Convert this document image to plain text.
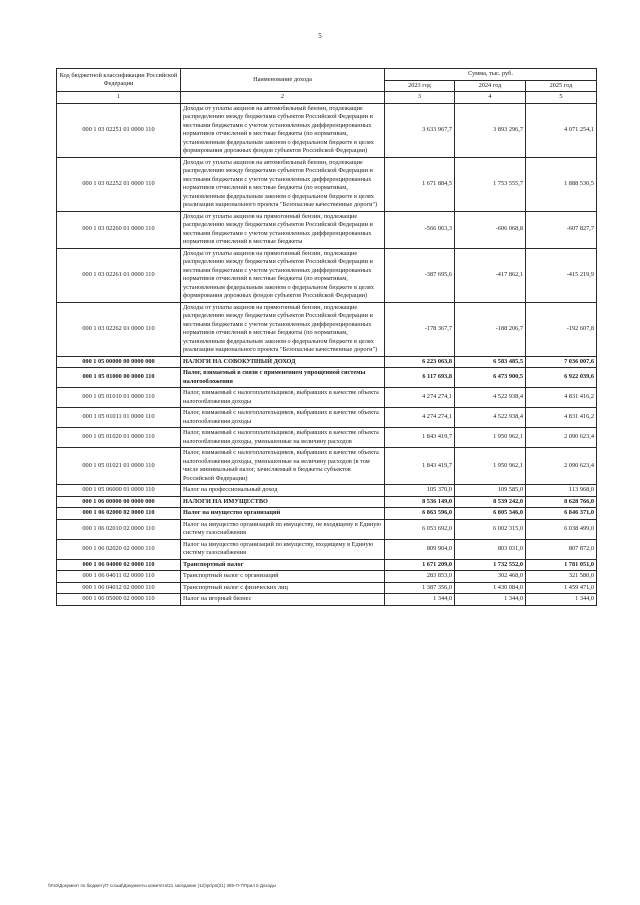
5
Код бюджетной классификации Российской Федерации	Наименование дохода	Сумма, тыс. руб.		
		2023 год	2024 год	2025 год
1	2	3	4	5
000 1 03 02251 01 0000 110	Доходы от уплаты акцизов на автомобильный бензин, подлежащие распределению между бюджетами субъектов Российской Федерации и местными бюджетами с учетом установленных дифференцированных нормативов отчислений в местные бюджеты (по нормативам, установленным федеральным законом о федеральном бюджете в целях формирования дорожных фондов субъектов Российской Федерации)	3 633 967,7	3 893 296,7	4 071 254,1
000 1 03 02252 01 0000 110	Доходы от уплаты акцизов на автомобильный бензин, подлежащие распределению между бюджетами субъектов Российской Федерации и местными бюджетами с учетом установленных дифференцированных нормативов отчислений в местные бюджеты (по нормативам, установленным федеральным законом о федеральном бюджете в целях реализации национального проекта "Безопасные качественные дороги")	1 671 884,5	1 753 555,7	1 888 530,5
000 1 03 02260 01 0000 110	Доходы от уплаты акцизов на прямогонный бензин, подлежащие распределению между бюджетами субъектов Российской Федерации и местными бюджетами с учетом установленных дифференцированных нормативов отчислений в местные бюджеты	-566 063,3	-606 068,8	-607 827,7
000 1 03 02261 01 0000 110	Доходы от уплаты акцизов на прямогонный бензин, подлежащие распределению между бюджетами субъектов Российской Федерации и местными бюджетами с учетом установленных дифференцированных нормативов отчислений в местные бюджеты (по нормативам, установленным федеральным законом о федеральном бюджете в целях формирования дорожных фондов субъектов Российской Федерации)	-387 695,6	-417 862,1	-415 219,9
000 1 03 02262 01 0000 110	Доходы от уплаты акцизов на прямогонный бензин, подлежащие распределению между бюджетами субъектов Российской Федерации и местными бюджетами с учетом установленных дифференцированных нормативов отчислений в местные бюджеты (по нормативам, установленным федеральным законом о федеральном бюджете в целях реализации национального проекта "Безопасные качественные дороги")	-178 367,7	-188 206,7	-192 607,8
000 1 05 00000 00 0000 000	НАЛОГИ НА СОВОКУПНЫЙ ДОХОД	6 223 063,8	6 583 485,5	7 036 007,6
000 1 05 01000 00 0000 110	Налог, взимаемый в связи с применением упрощенной системы налогообложения	6 117 693,8	6 473 900,5	6 922 039,6
000 1 05 01010 01 0000 110	Налог, взимаемый с налогоплательщиков, выбравших в качестве объекта налогообложения доходы	4 274 274,1	4 522 938,4	4 831 416,2
000 1 05 01011 01 0000 110	Налог, взимаемый с налогоплательщиков, выбравших в качестве объекта налогообложения доходы	4 274 274,1	4 522 938,4	4 831 416,2
000 1 05 01020 01 0000 110	Налог, взимаемый с налогоплательщиков, выбравших в качестве объекта налогообложения доходы, уменьшенные на величину расходов	1 843 419,7	1 950 962,1	2 090 623,4
000 1 05 01021 01 0000 110	Налог, взимаемый с налогоплательщиков, выбравших в качестве объекта налогообложения доходы, уменьшенные на величину расходов (в том числе минимальный налог, зачисляемый в бюджеты субъектов Российской Федерации)	1 843 419,7	1 950 962,1	2 090 623,4
000 1 05 06000 01 0000 110	Налог на профессиональный доход	105 370,0	109 585,0	113 968,0
000 1 06 00000 00 0000 000	НАЛОГИ НА ИМУЩЕСТВО	8 536 149,0	8 539 242,0	8 628 766,0
000 1 06 02000 02 0000 110	Налог на имущество организаций	6 863 596,0	6 805 346,0	6 846 371,0
000 1 06 02010 02 0000 110	Налог на имущество организаций по имуществу, не входящему в Единую систему газоснабжения	6 053 692,0	6 002 315,0	6 038 499,0
000 1 06 02020 02 0000 110	Налог на имущество организаций по имуществу, входящему в Единую систему газоснабжения	809 904,0	803 031,0	807 872,0
000 1 06 04000 02 0000 110	Транспортный налог	1 671 209,0	1 732 552,0	1 781 051,0
000 1 06 04011 02 0000 110	Транспортный налог с организаций	283 853,0	302 468,0	321 580,0
000 1 06 04012 02 0000 110	Транспортный налог с физических лиц	1 387 356,0	1 430 084,0	1 459 471,0
000 1 06 05000 02 0000 110	Налог на игорный бизнес	1 344,0	1 344,0	1 344,0
\\Fs0\Документ по бюджету\7 созыв\Документы комитета\21 заседание (12)\рг\рп(21) 385-П-7\Прил 5 Доходы
